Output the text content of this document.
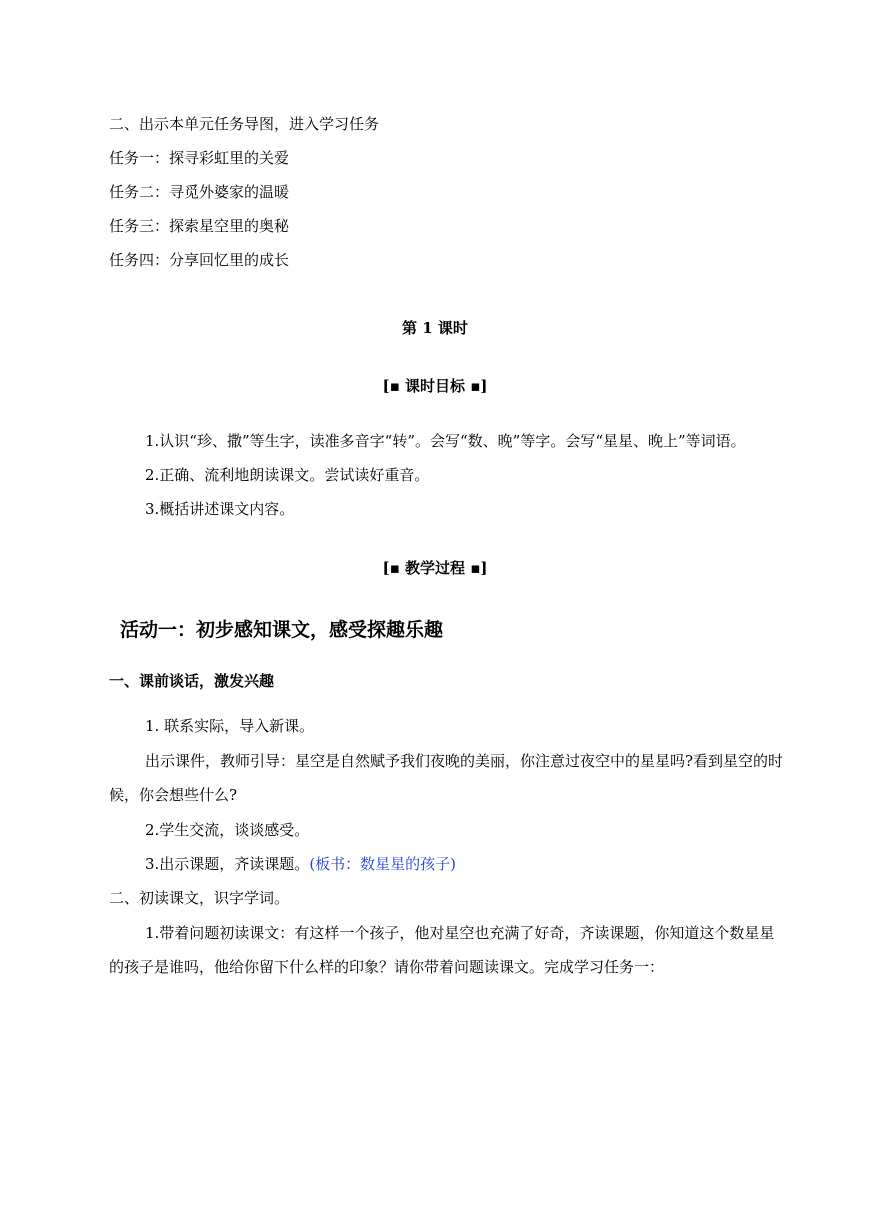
二、出示本单元任务导图，进入学习任务
任务一：探寻彩虹里的关爱
任务二：寻觅外婆家的温暖
任务三：探索星空里的奥秘
任务四：分享回忆里的成长
第 1 课时
[▪ 课时目标 ▪]
1.认识“珍、撒”等生字，读准多音字“转”。会写“数、晚”等字。会写“星星、晚上”等词语。
2.正确、流利地朗读课文。尝试读好重音。
3.概括讲述课文内容。
[▪ 教学过程 ▪]
活动一：初步感知课文，感受探趣乐趣
一、课前谈话，激发兴趣
1. 联系实际，导入新课。
出示课件，教师引导：星空是自然赋予我们夜晚的美丽，你注意过夜空中的星星吗?看到星空的时
候，你会想些什么?
2.学生交流，谈谈感受。
3.出示课题，齐读课题。(板书：数星星的孩子)
二、初读课文，识字学词。
1.带着问题初读课文：有这样一个孩子，他对星空也充满了好奇，齐读课题，你知道这个数星星
的孩子是谁吗，他给你留下什么样的印象？请你带着问题读课文。完成学习任务一：
